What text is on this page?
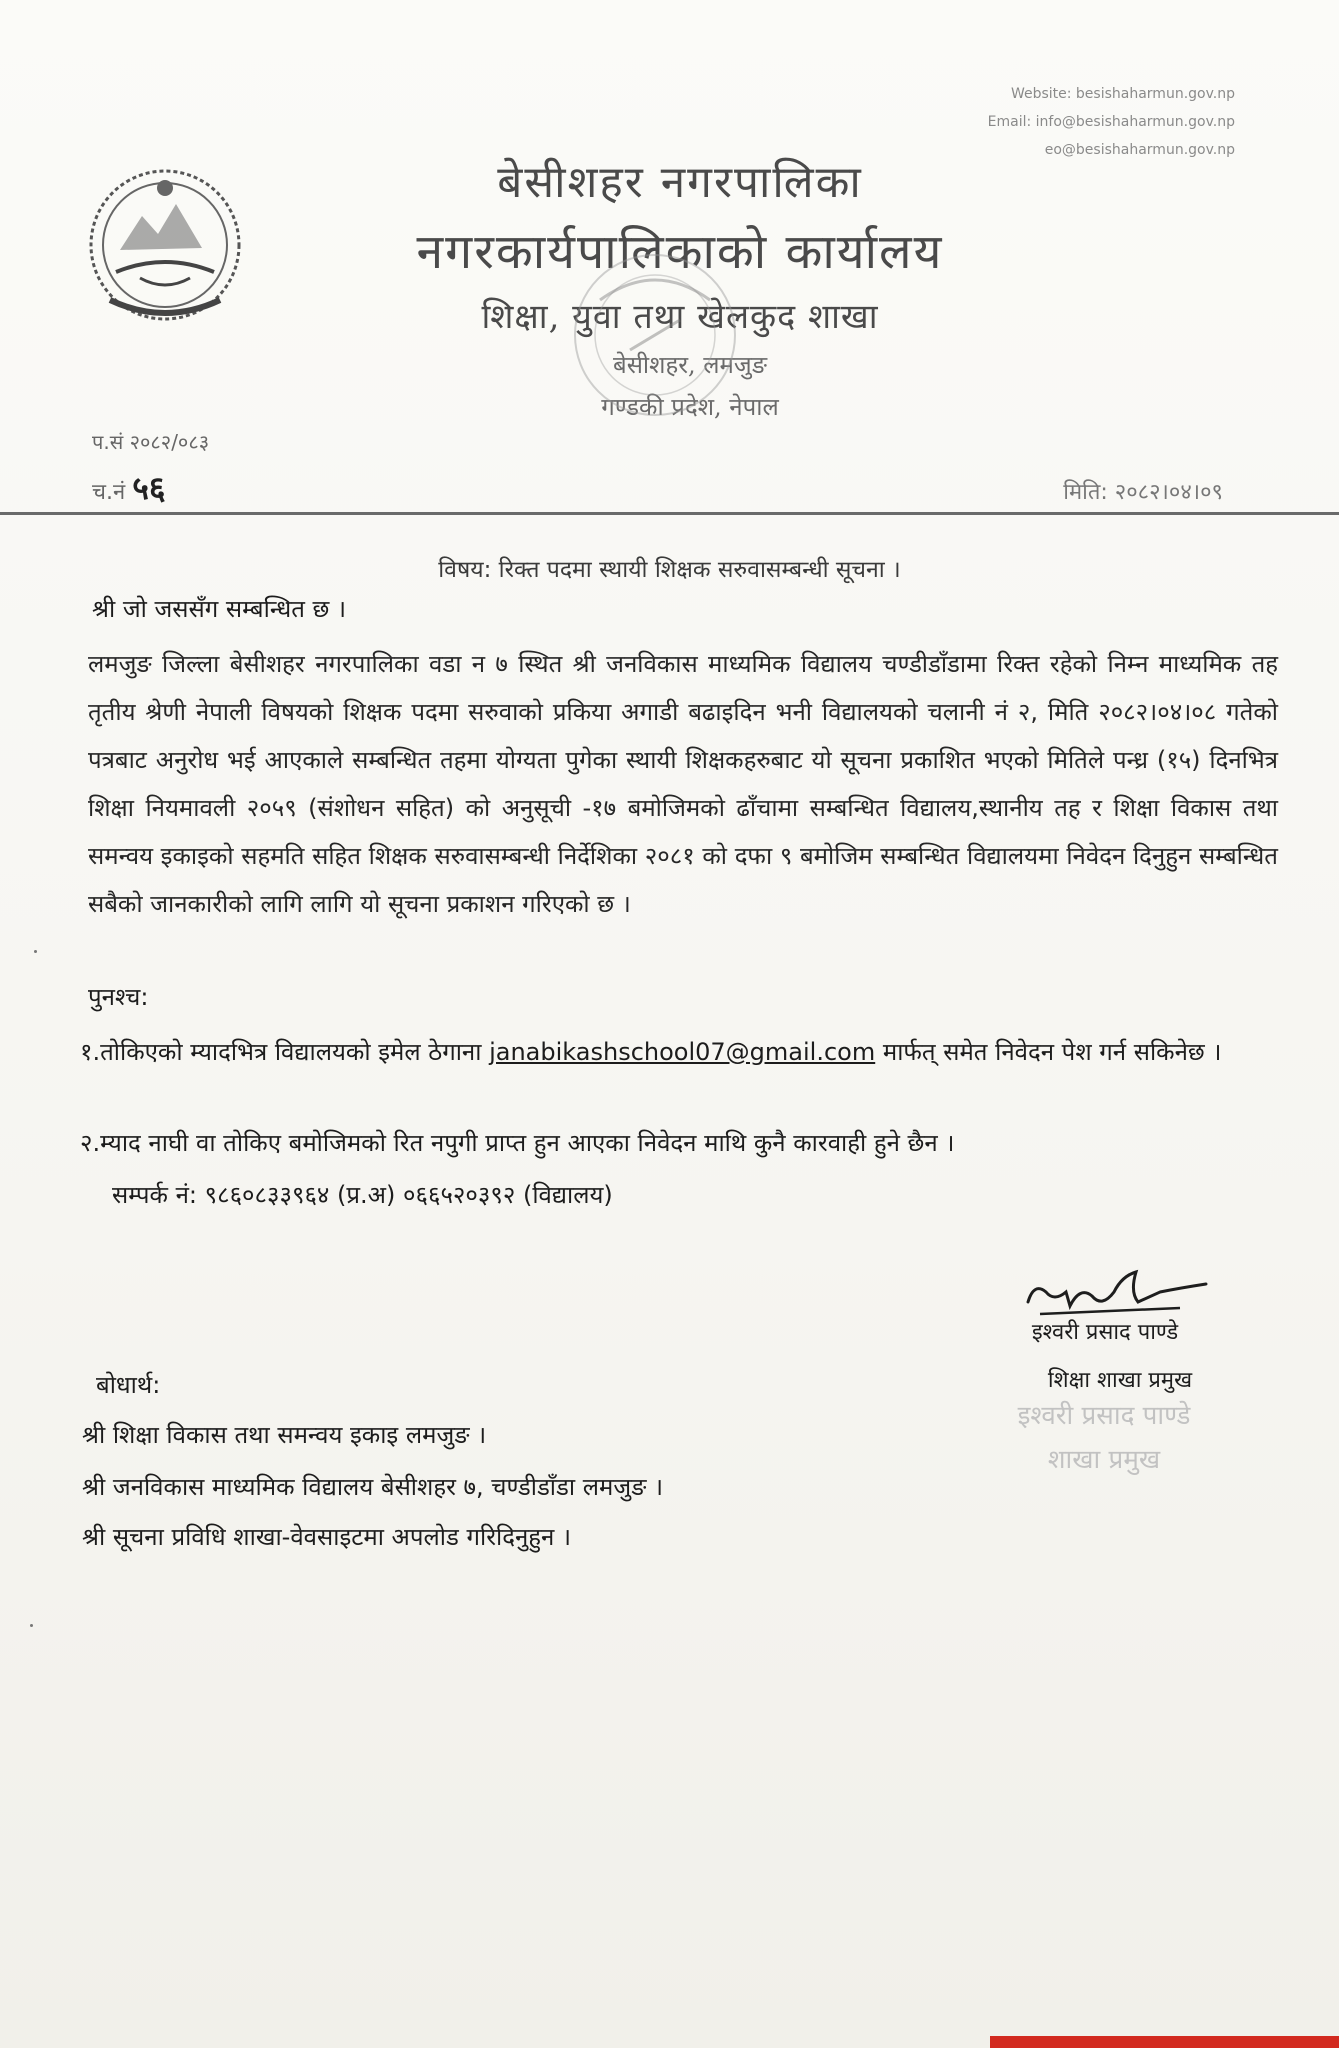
Website: besishaharmun.gov.np
Email: info@besishaharmun.gov.np
eo@besishaharmun.gov.np
बेसीशहर नगरपालिका
नगरकार्यपालिकाको कार्यालय
शिक्षा, युवा तथा खेलकुद शाखा
बेसीशहर, लमजुङ
गण्डकी प्रदेश, नेपाल
प.सं २०८२/०८३
च.नं ५६	मिति: २०८२।०४।०९
विषय: रिक्त पदमा स्थायी शिक्षक सरुवासम्बन्धी सूचना ।
श्री जो जससँग सम्बन्धित छ ।
लमजुङ जिल्ला बेसीशहर नगरपालिका वडा न ७ स्थित श्री जनविकास माध्यमिक विद्यालय चण्डीडाँडामा रिक्त रहेको निम्न माध्यमिक तह तृतीय श्रेणी नेपाली विषयको शिक्षक पदमा सरुवाको प्रकिया अगाडी बढाइदिन भनी विद्यालयको चलानी नं २, मिति २०८२।०४।०८ गतेको पत्रबाट अनुरोध भई आएकाले सम्बन्धित तहमा योग्यता पुगेका स्थायी शिक्षकहरुबाट यो सूचना प्रकाशित भएको मितिले पन्ध्र (१५) दिनभित्र शिक्षा नियमावली २०५९ (संशोधन सहित) को अनुसूची -१७ बमोजिमको ढाँचामा सम्बन्धित विद्यालय,स्थानीय तह र शिक्षा विकास तथा समन्वय इकाइको सहमति सहित शिक्षक सरुवासम्बन्धी निर्देशिका २०८१ को दफा ९ बमोजिम सम्बन्धित विद्यालयमा निवेदन दिनुहुन सम्बन्धित सबैको जानकारीको लागि लागि यो सूचना प्रकाशन गरिएको छ ।
पुनश्च:
१.तोकिएको म्यादभित्र विद्यालयको इमेल ठेगाना janabikashschool07@gmail.com मार्फत् समेत निवेदन पेश गर्न सकिनेछ ।
२.म्याद नाघी वा तोकिए बमोजिमको रित नपुगी प्राप्त हुन आएका निवेदन माथि कुनै कारवाही हुने छैन ।
सम्पर्क नं: ९८६०८३३९६४ (प्र.अ) ०६६५२०३९२ (विद्यालय)
इश्वरी प्रसाद पाण्डे
शिक्षा शाखा प्रमुख
इश्वरी प्रसाद पाण्डे
शाखा प्रमुख
बोधार्थ:
श्री शिक्षा विकास तथा समन्वय इकाइ लमजुङ ।
श्री जनविकास माध्यमिक विद्यालय बेसीशहर ७, चण्डीडाँडा लमजुङ ।
श्री सूचना प्रविधि शाखा-वेवसाइटमा अपलोड गरिदिनुहुन ।
